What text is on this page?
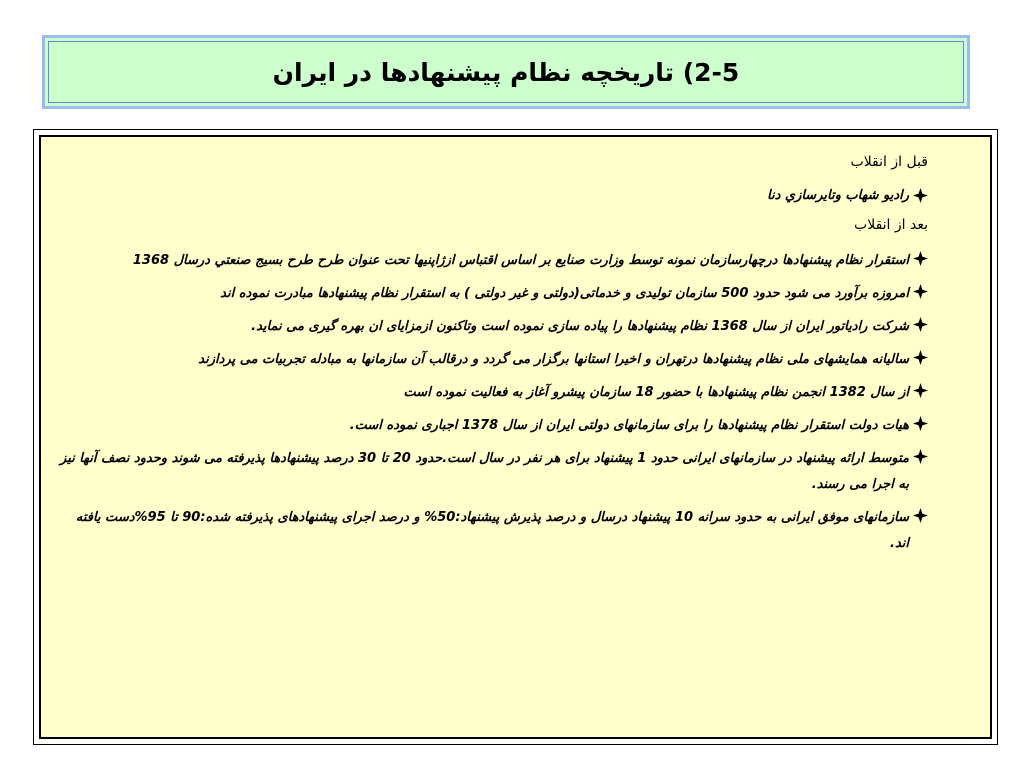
2-5) تاريخچه نظام پيشنهادها در ايران
قبل از انقلاب
راديو شهاب وتايرسازي دنا
بعد از انقلاب
استقرار نظام پيشنهادها درچهارسازمان نمونه توسط وزارت صنايع بر اساس اقتباس ازژاپنيها تحت عنوان طرح طرح بسيج صنعتي درسال 1368
امروزه برآورد می شود حدود 500 سازمان تولیدی و خدماتی(دولتی و غیر دولتی ) به استقرار نظام پیشنهادها مبادرت نموده اند
شرکت رادیاتور ایران از سال 1368 نظام پیشنهادها را پیاده سازی نموده است وتاکنون ازمزایای ان بهره گیری می نماید.
سالیانه همایشهای ملی نظام پیشنهادها درتهران و اخیرا استانها برگزار می گردد و درقالب آن سازمانها به مبادله تجربیات می پردازند
از سال 1382 انجمن نظام پیشنهادها با حضور 18 سازمان پیشرو آغاز به فعالیت نموده است
هیات دولت استقرار نظام پیشنهادها را برای سازمانهای دولتی ایران از سال 1378 اجباری نموده است.
متوسط ارائه پیشنهاد در سازمانهای ایرانی حدود 1 پیشنهاد برای هر نفر در سال است.حدود 20 تا 30 درصد پیشنهادها پذیرفته می شوند وحدود نصف آنها نیز به اجرا می رسند.
سازمانهای موفق ایرانی به حدود سرانه 10 پیشنهاد درسال و درصد پذیرش پیشنهاد:50% و درصد اجرای پیشنهادهای پذیرفته شده:90 تا 95%دست یافته اند.
